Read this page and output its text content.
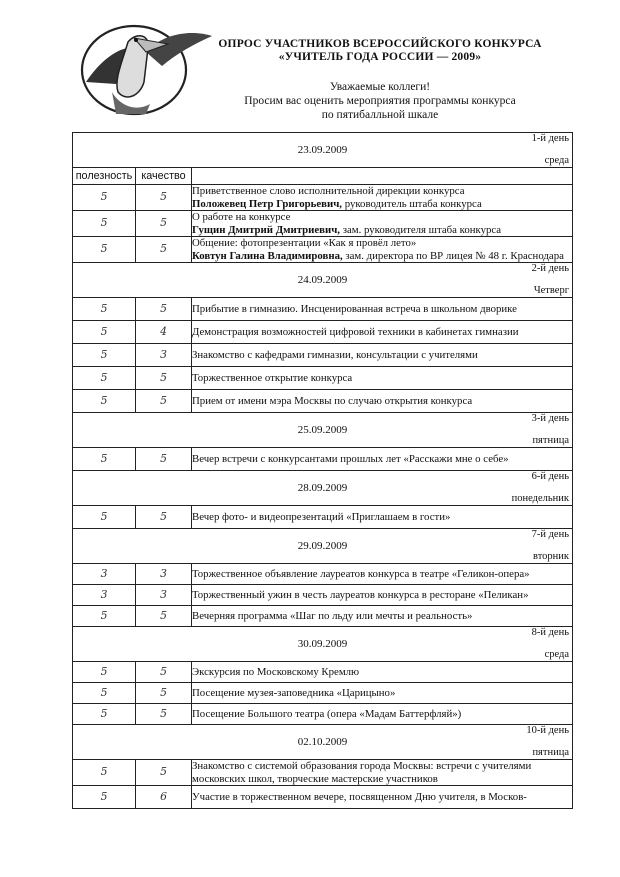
ОПРОС УЧАСТНИКОВ ВСЕРОССИЙСКОГО КОНКУРСА
«УЧИТЕЛЬ ГОДА РОССИИ — 2009»
Уважаемые коллеги!
Просим вас оценить мероприятия программы конкурса
по пятибалльной шкале
1-й день
23.09.2009
среда		

полезность	качество	
5	5	Приветственное слово исполнительной дирекции конкурса
Положевец Петр Григорьевич, руководитель штаба конкурса
5	5	О работе на конкурсе
Гущин Дмитрий Дмитриевич, зам. руководителя штаба конкурса
5	5	Общение: фотопрезентации «Как я провёл лето»
Ковтун Галина Владимировна, зам. директора по ВР лицея № 48 г. Краснодара

2-й день
24.09.2009
Четверг		

5	5	Прибытие в гимназию. Инсценированная встреча в школьном дворике
5	4	Демонстрация возможностей цифровой техники в кабинетах гимназии
5	3	Знакомство с кафедрами гимназии, консультации с учителями
5	5	Торжественное открытие конкурса
5	5	Прием от имени мэра Москвы по случаю открытия конкурса

3-й день
25.09.2009
пятница		

5	5	Вечер встречи с конкурсантами прошлых лет «Расскажи мне о себе»

6-й день
28.09.2009
понедельник		

5	5	Вечер фото- и видеопрезентаций «Приглашаем в гости»

7-й день
29.09.2009
вторник		

3	3	Торжественное объявление лауреатов конкурса в театре «Геликон-опера»
3	3	Торжественный ужин в честь лауреатов конкурса в ресторане «Пеликан»
5	5	Вечерняя программа «Шаг по льду или мечты и реальность»

8-й день
30.09.2009
среда		

5	5	Экскурсия по Московскому Кремлю
5	5	Посещение музея-заповедника «Царицыно»
5	5	Посещение Большого театра (опера «Мадам Баттерфляй»)

10-й день
02.10.2009
пятница		

5	5	Знакомство с системой образования города Москвы: встречи с учителями московских школ, творческие мастерские участников
5	6	Участие в торжественном вечере, посвященном Дню учителя, в Москов-
